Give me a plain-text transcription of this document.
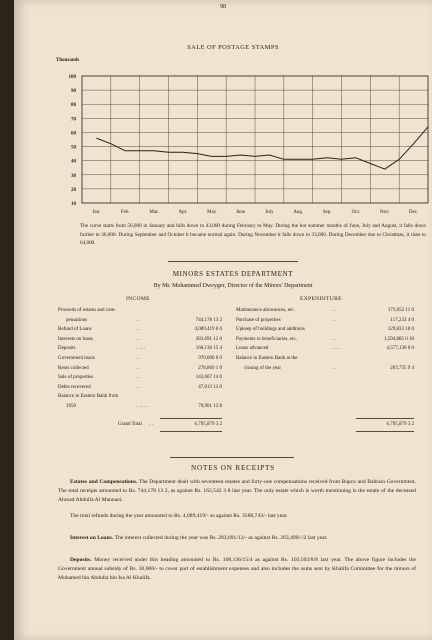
98
SALE OF POSTAGE STAMPS
Thousands
100
90
80
70
60
50
40
30
20
10
Jan.	Feb.	Mar.	Apr.	May	June	July	Aug.	Sep.	Oct.	Nov.	Dec.
The curve starts from 56,000 in January and falls down to 43,000 during February to May. During the hot summer months of June, July and August, it falls down further to 36,000. During September and October it became normal again. During November it falls down to 33,000. During December due to Christmas, it rises to 64,000.
MINORS ESTATES DEPARTMENT
By Mr. Mohammed Dweyger, Director of the Minors' Department
INCOME	EXPENDITURE
Proceeds of estates and com-
pensations	. .	744,178 13 2
Refund of Loans	. .	4,089,419 0 0
Interests on loans	. .	283,691 12 0
Deposits	. . . .	168,136 15 4
Government loans	. .	970,000 0 0
Rents collected	. .	278,869 1 0
Sale of properties	. .	143,667 14 0
Debts recovered	. .	47,013 13 0
Balance in Eastern Bank from
1950	. . . . . .	70,901 13 8
Maintenance allowances, etc.	. .	173,052 11 0
Purchase of properties	. .	117,232 4 0
Upkeep of buildings and additions	129,833 10 0
Payments to beneficiaries, etc.	. .	1,594,885 0 10
Loans advanced	. . . .	4,577,130 0 0
Balance in Eastern Bank at the
closing of the year	. .	203,735 9 4
Grand Total . .	6,795,879 3 2	6,795,879 3 2
NOTES ON RECEIPTS
Estates and Compensations. The Department dealt with seventeen estates and forty-one compensations received from Bapco and Bahrain Government. The total receipts amounted to Rs. 744,178 13 2, as against Rs. 162,542 3 8 last year. The only estate which is worth mentioning is the estate of the deceased Ahmad Abdulla Al Mannaei.
The total refunds during the year amounted to Rs. 4,089,419/- as against Rs. 3588,743/- last year.
Interest on Loans. The interest collected during the year was Rs. 283,691/12/- as against Rs. 263,490/-/2 last year.
Deposits. Money received under this heading amounted to Rs. 168,136/15/4 as against Rs. 103,503/8/8 last year. The above figure includes the Government annual subsidy of Rs. 30,000/- to cover part of establishment expenses and also includes the sums sent by Khalifa Committee for the minors of Mohamed bin Abdulla bin Isa Al Khalifa.
